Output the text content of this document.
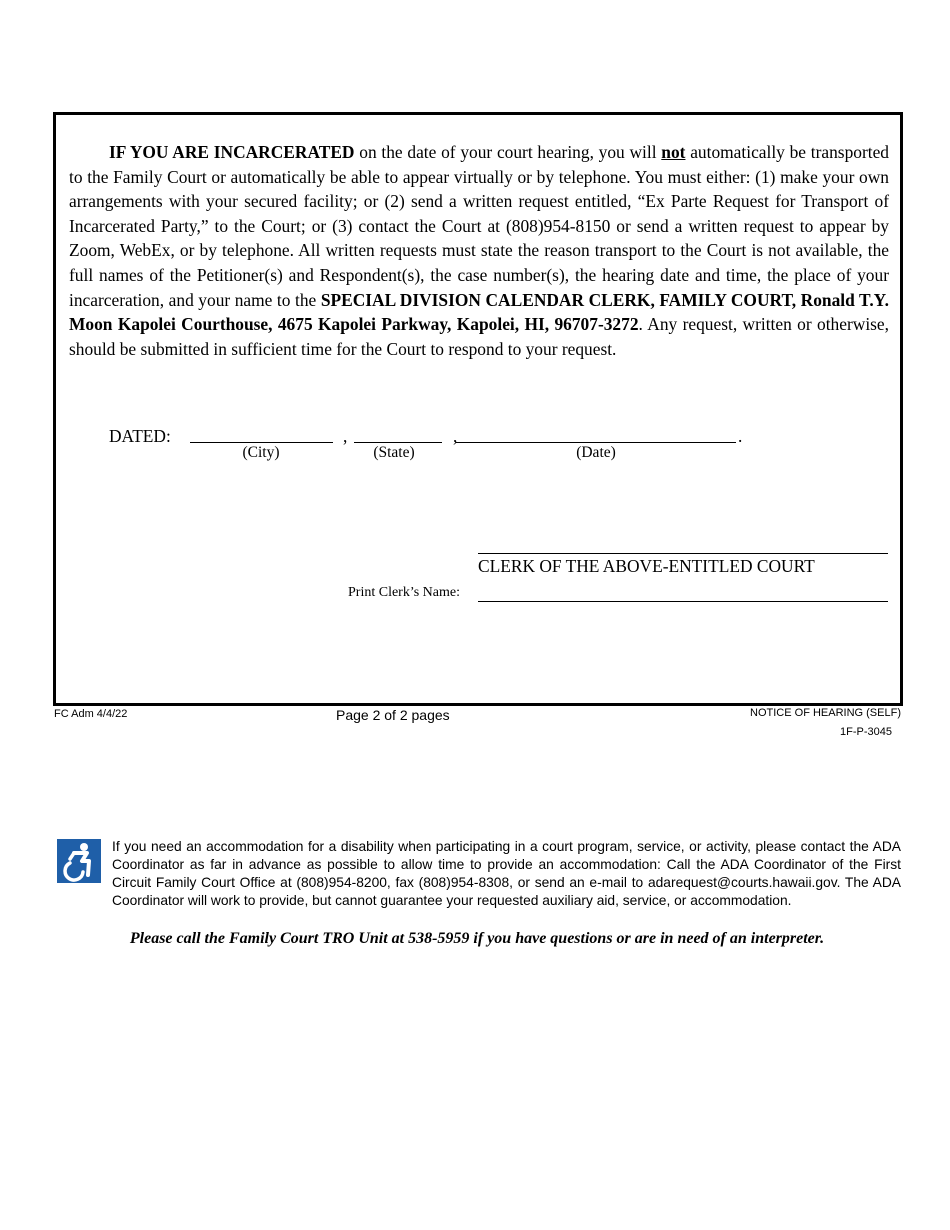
IF YOU ARE INCARCERATED on the date of your court hearing, you will not automatically be transported to the Family Court or automatically be able to appear virtually or by telephone. You must either: (1) make your own arrangements with your secured facility; or (2) send a written request entitled, “Ex Parte Request for Transport of Incarcerated Party,” to the Court; or (3) contact the Court at (808)954-8150 or send a written request to appear by Zoom, WebEx, or by telephone. All written requests must state the reason transport to the Court is not available, the full names of the Petitioner(s) and Respondent(s), the case number(s), the hearing date and time, the place of your incarceration, and your name to the SPECIAL DIVISION CALENDAR CLERK, FAMILY COURT, Ronald T.Y. Moon Kapolei Courthouse, 4675 Kapolei Parkway, Kapolei, HI, 96707-3272. Any request, written or otherwise, should be submitted in sufficient time for the Court to respond to your request.

DATED:	,	,	.
(City)	(State)	(Date)
CLERK OF THE ABOVE-ENTITLED COURT
Print Clerk’s Name:
FC Adm 4/4/22	Page 2 of 2 pages	NOTICE OF HEARING (SELF)
1F-P-3045

If you need an accommodation for a disability when participating in a court program, service, or activity, please contact the ADA Coordinator as far in advance as possible to allow time to provide an accommodation: Call the ADA Coordinator of the First Circuit Family Court Office at (808)954-8200, fax (808)954-8308, or send an e-mail to adarequest@courts.hawaii.gov. The ADA Coordinator will work to provide, but cannot guarantee your requested auxiliary aid, service, or accommodation.

Please call the Family Court TRO Unit at 538-5959 if you have questions or are in need of an interpreter.
